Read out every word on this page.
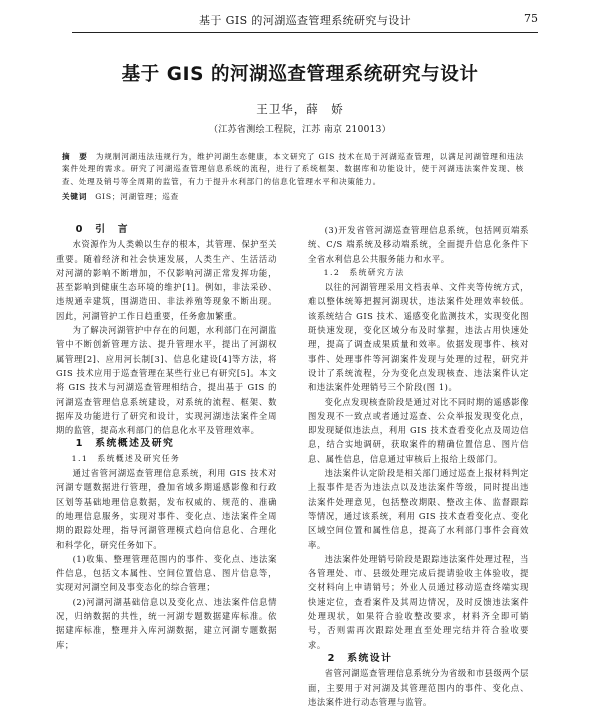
基于 GIS 的河湖巡查管理系统研究与设计	75
基于 GIS 的河湖巡查管理系统研究与设计
王卫华，薛　娇
（江苏省测绘工程院，江苏 南京 210013）
摘　要 为规制河湖违法违规行为，维护河湖生态健康，本文研究了 GIS 技术在局于河湖巡查管理，以满足河湖管理和违法案件处理的需求。研究了河湖巡查管理信息系统的流程，进行了系统框架、数据库和功能设计，使于河湖违法案件发现、核查、处理及销号等全周期的监管，有力于提升水利部门的信息化管理水平和决策能力。
关键词 GIS；河湖管理；巡查

0　引　言

水资源作为人类赖以生存的根本，其管理、保护至关重要。随着经济和社会快速发展，人类生产、生活活动对河湖的影响不断增加，不仅影响河湖正常发挥功能，甚至影响到健康生态环境的维护[1]。例如，非法采砂、违规通幸建筑，围湖造田、非法养殖等现象不断出现。因此，河湖管护工作日趋重要，任务愈加繁重。

为了解决河湖管护中存在的问题，水利部门在河湖监管中不断创新管理方法、提升管理水平，提出了河湖权属管理[2]、应用河长制[3]、信息化建设[4]等方法，将 GIS 技术应用于巡查管理在某些行业已有研究[5]。本文将 GIS 技术与河湖巡查管理相结合，提出基于 GIS 的河湖巡查管理信息系统建设，对系统的流程、框架、数据库及功能进行了研究和设计，实现河湖违法案件全周期的监管，提高水利部门的信息化水平及管理效率。

1　系统概述及研究

1.1　系统概述及研究任务

通过省管河湖巡查管理信息系统，利用 GIS 技术对河湖专题数据进行管理，叠加省域多期遥感影像和行政区划等基础地理信息数据，发布权威的、规范的、准确的地理信息服务，实现对事件、变化点、违法案件全周期的跟踪处理，指导河湖管理模式趋向信息化、合理化和科学化，研究任务如下。

(1)收集、整理管理范围内的事件、变化点、违法案件信息，包括文本属性、空间位置信息、图片信息等，实现对河湖空间及事变态化的综合管理；

(2)河湖河湖基础信息以及变化点、违法案件信息情况，归纳数据的共性，统一河湖专题数据建库标准。依据建库标准，整理并入库河湖数据，建立河湖专题数据库；

(3)开发省管河湖巡查管理信息系统，包括网页端系统、C/S 端系统及移动端系统，全面提升信息化条件下全省水利信息公共服务能力和水平。

1.2　系统研究方法

以往的河湖管理采用文档表单、文件夹等传统方式，难以整体统筹把握河湖现状，违法案件处理效率较低。该系统结合 GIS 技术、遥感变化监测技术，实现变化图斑快速发现，变化区域分布及时掌握，违法占用快速处理，提高了调查成果质量和效率。依据发现事件、核对事件、处理事件等河湖案件发现与处理的过程，研究并设计了系统流程，分为变化点发现核查、违法案件认定和违法案件处理销号三个阶段(图 1)。

变化点发现核查阶段是通过对比不同时期的遥感影像图发现不一致点或者通过巡查、公众举报发现变化点，即发现疑似违法点，利用 GIS 技术查看变化点及周边信息，结合实地调研，获取案件的精确位置信息、图片信息、属性信息，信息通过审核后上报给上级部门。

违法案件认定阶段是相关部门通过巡查上报材料判定上报事件是否为违法点以及违法案件等级，同时提出违法案件处理意见，包括整改期限、整改主体、监督跟踪等情况，通过该系统，利用 GIS 技术查看变化点、变化区域空间位置和属性信息，提高了水利部门事件会商效率。

违法案件处理销号阶段是跟踪违法案件处理过程，当各管理处、市、县级处理完成后提请验收主体验收，提交材料向上申请销号；外业人员通过移动巡查终端实现快速定位，查看案件及其周边情况，及时反馈违法案件处理现状，如果符合验收整改要求，材料齐全即可销号，否则需再次跟踪处理直至处理完结并符合验收要求。

2　系统设计

省管河湖巡查管理信息系统分为省级和市县级两个层面，主要用于对河湖及其管理范围内的事件、变化点、违法案件进行动态管理与监管。
